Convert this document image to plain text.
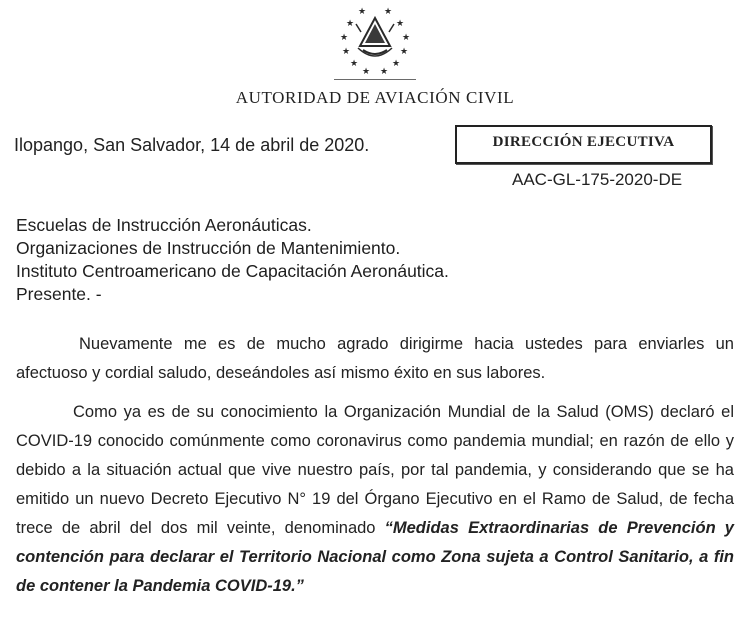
★ ★
★	★
★	★
★	★
★	★
★ ★
AUTORIDAD DE AVIACIÓN CIVIL
Ilopango, San Salvador, 14 de abril de 2020.	DIRECCIÓN EJECUTIVA
AAC-GL-175-2020-DE
Escuelas de Instrucción Aeronáuticas.
Organizaciones de Instrucción de Mantenimiento.
Instituto Centroamericano de Capacitación Aeronáutica.
Presente. -
Nuevamente me es de mucho agrado dirigirme hacia ustedes para enviarles un afectuoso y cordial saludo, deseándoles así mismo éxito en sus labores.
Como ya es de su conocimiento la Organización Mundial de la Salud (OMS) declaró el COVID-19 conocido comúnmente como coronavirus como pandemia mundial; en razón de ello y debido a la situación actual que vive nuestro país, por tal pandemia, y considerando que se ha emitido un nuevo Decreto Ejecutivo N° 19 del Órgano Ejecutivo en el Ramo de Salud, de fecha trece de abril del dos mil veinte, denominado “Medidas Extraordinarias de Prevención y contención para declarar el Territorio Nacional como Zona sujeta a Control Sanitario, a fin de contener la Pandemia COVID-19.”
